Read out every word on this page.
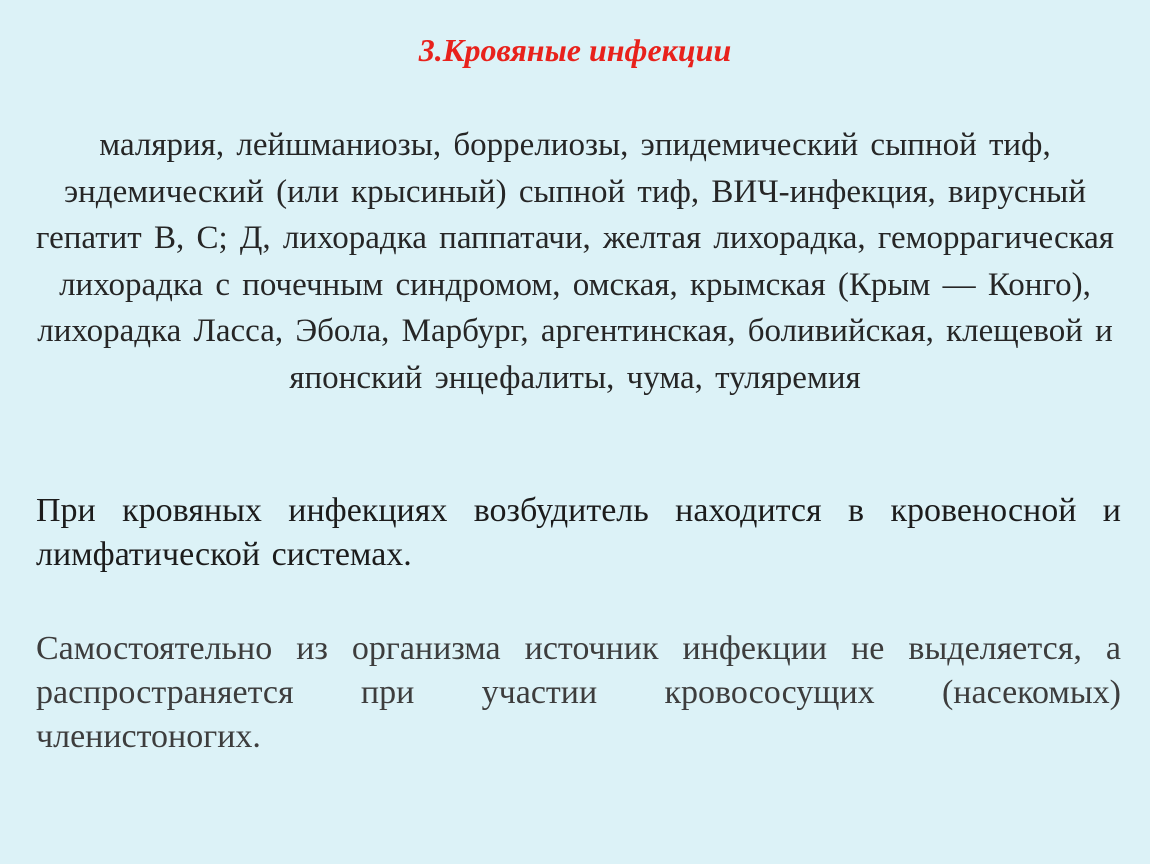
3.Кровяные инфекции

малярия, лейшманиозы, боррелиозы, эпидемический сыпной тиф, эндемический (или крысиный) сыпной тиф, ВИЧ-инфекция, вирусный гепатит В, С; Д, лихорадка паппатачи, желтая лихорадка, геморрагическая лихорадка с почечным синдромом, омская, крымская (Крым — Конго), лихорадка Ласса, Эбола, Марбург, аргентинская, боливийская, клещевой и японский энцефалиты, чума, туляремия

При кровяных инфекциях возбудитель находится в кровеносной и лимфатической системах.

Самостоятельно из организма источник инфекции не выделяется, а распространяется при участии кровососущих (насекомых) членистоногих.
